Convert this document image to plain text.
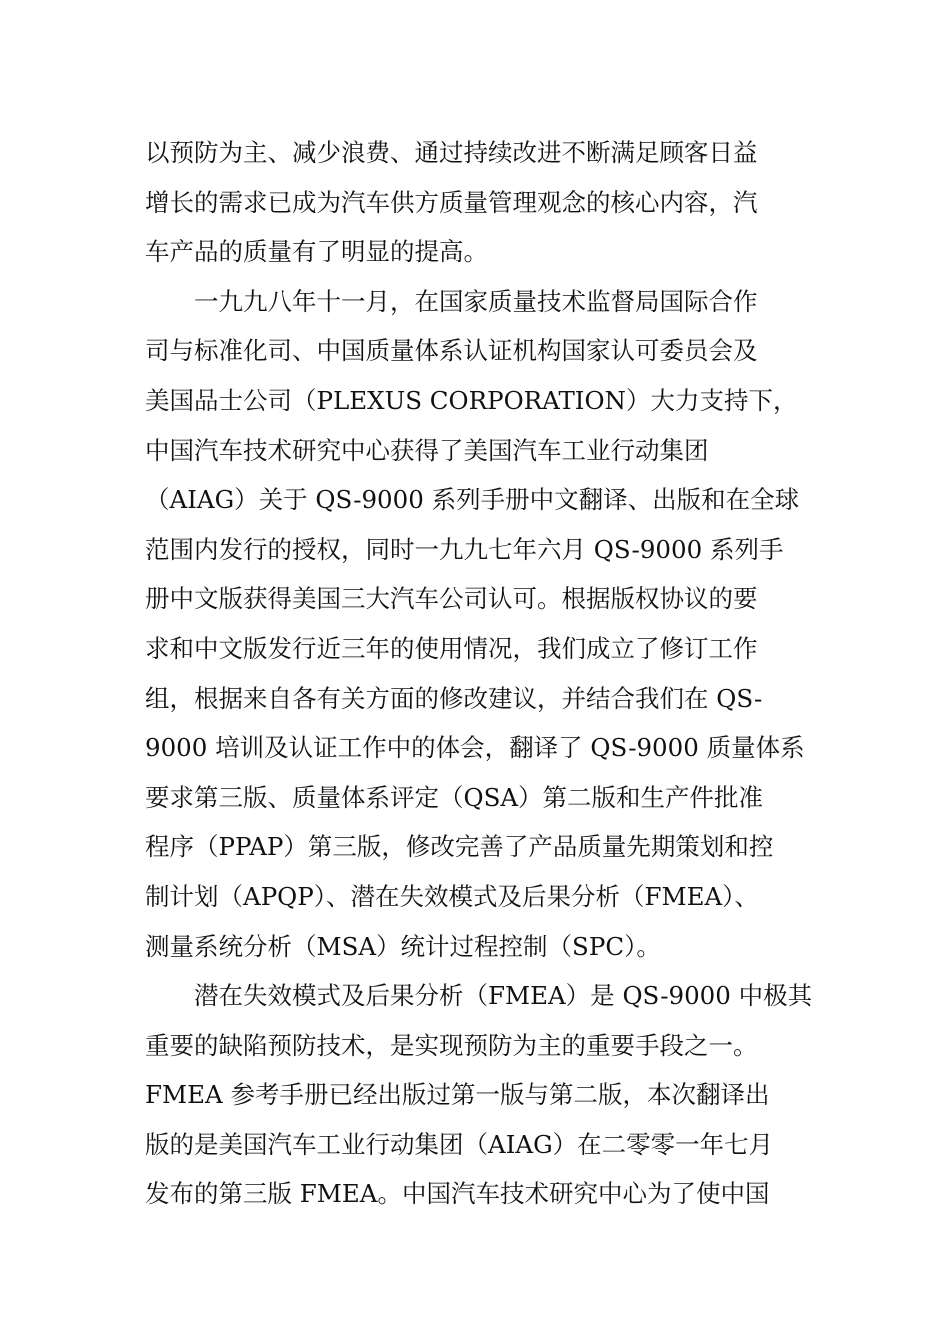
以预防为主、减少浪费、通过持续改进不断满足顾客日益
增长的需求已成为汽车供方质量管理观念的核心内容，汽
车产品的质量有了明显的提高。
一九九八年十一月，在国家质量技术监督局国际合作
司与标准化司、中国质量体系认证机构国家认可委员会及
美国品士公司（PLEXUS CORPORATION）大力支持下，
中国汽车技术研究中心获得了美国汽车工业行动集团
（AIAG）关于 QS-9000 系列手册中文翻译、出版和在全球
范围内发行的授权，同时一九九七年六月 QS-9000 系列手
册中文版获得美国三大汽车公司认可。根据版权协议的要
求和中文版发行近三年的使用情况，我们成立了修订工作
组，根据来自各有关方面的修改建议，并结合我们在 QS-
9000 培训及认证工作中的体会，翻译了 QS-9000 质量体系
要求第三版、质量体系评定（QSA）第二版和生产件批准
程序（PPAP）第三版，修改完善了产品质量先期策划和控
制计划（APQP）、潜在失效模式及后果分析（FMEA）、
测量系统分析（MSA）统计过程控制（SPC）。
潜在失效模式及后果分析（FMEA）是 QS-9000 中极其
重要的缺陷预防技术，是实现预防为主的重要手段之一。
FMEA 参考手册已经出版过第一版与第二版，本次翻译出
版的是美国汽车工业行动集团（AIAG）在二零零一年七月
发布的第三版 FMEA。中国汽车技术研究中心为了使中国
